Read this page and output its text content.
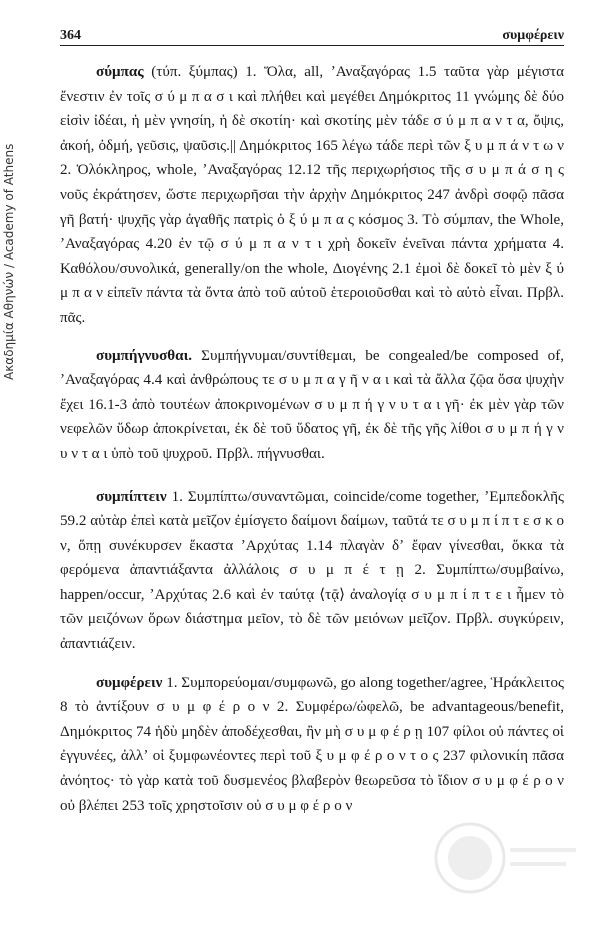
Ακαδημία Αθηνών / Academy of Athens
364	συμφέρειν

σύμπας (τύπ. ξύμπας) 1. Ὅλα, all, ʼΑναξαγόρας 1.5 ταῦτα γὰρ μέγιστα ἔνεστιν ἐν τοῖς σ ύ μ π α σ ι καὶ πλήθει καὶ μεγέθει Δημόκριτος 11 γνώμης δὲ δύο εἰσὶν ἰδέαι, ἡ μὲν γνησίη, ἡ δὲ σκοτίη· καὶ σκοτίης μὲν τάδε σ ύ μ π α ν τ α, ὄψις, ἀκοή, ὀδμή, γεῦσις, ψαῦσις.|| Δημόκριτος 165 λέγω τάδε περὶ τῶν ξ υ μ π ά ν τ ω ν 2. Ὁλόκληρος, whole, ʼΑναξαγόρας 12.12 τῆς περιχωρήσιος τῆς σ υ μ π ά σ η ς νοῦς ἐκράτησεν, ὥστε περιχωρῆσαι τὴν ἀρχὴν Δημόκριτος 247 ἀνδρὶ σοφῷ πᾶσα γῆ βατή· ψυχῆς γὰρ ἀγαθῆς πατρὶς ὁ ξ ύ μ π α ς κόσμος 3. Τὸ σύμπαν, the Whole, ʼΑναξαγόρας 4.20 ἐν τῷ σ ύ μ π α ν τ ι χρὴ δοκεῖν ἐνεῖναι πάντα χρήματα 4. Καθόλου/συνολικά, generally/on the whole, Διογένης 2.1 ἐμοὶ δὲ δοκεῖ τὸ μὲν ξ ύ μ π α ν εἰπεῖν πάντα τὰ ὄντα ἀπὸ τοῦ αὐτοῦ ἑτεροιοῦσθαι καὶ τὸ αὐτὸ εἶναι. Πρβλ. πᾶς.

συμπήγνυσθαι. Συμπήγνυμαι/συντίθεμαι, be congealed/be composed of, ʼΑναξαγόρας 4.4 καὶ ἀνθρώπους τε σ υ μ π α γ ῆ ν α ι καὶ τὰ ἄλλα ζῷα ὅσα ψυχὴν ἔχει 16.1-3 ἀπὸ τουτέων ἀποκρινομένων σ υ μ π ή γ ν υ τ α ι γῆ· ἐκ μὲν γὰρ τῶν νεφελῶν ὕδωρ ἀποκρίνεται, ἐκ δὲ τοῦ ὕδατος γῆ, ἐκ δὲ τῆς γῆς λίθοι σ υ μ π ή γ ν υ ν τ α ι ὑπὸ τοῦ ψυχροῦ. Πρβλ. πήγνυσθαι.

συμπίπτειν 1. Συμπίπτω/συναντῶμαι, coincide/come together, ʼΕμπεδοκλῆς 59.2 αὐτὰρ ἐπεὶ κατὰ μεῖζον ἐμίσγετο δαίμονι δαίμων, ταῦτά τε σ υ μ π ί π τ ε σ κ ο ν, ὅπῃ συνέκυρσεν ἕκαστα ʼΑρχύτας 1.14 πλαγὰν δʼ ἔφαν γίνεσθαι, ὅκκα τὰ φερόμενα ἀπαντιάξαντα ἀλλάλοις σ υ μ π έ τ ῃ 2. Συμπίπτω/συμβαίνω, happen/occur, ʼΑρχύτας 2.6 καὶ ἐν ταύτᾳ ⟨τᾷ⟩ ἀναλογίᾳ σ υ μ π ί π τ ε ι ἦμεν τὸ τῶν μειζόνων ὅρων διάστημα μεῖον, τὸ δὲ τῶν μειόνων μεῖζον. Πρβλ. συγκύρειν, ἀπαντιάζειν.

συμφέρειν 1. Συμπορεύομαι/συμφωνῶ, go along together/agree, Ἡράκλειτος 8 τὸ ἀντίξουν σ υ μ φ έ ρ ο ν 2. Συμφέρω/ὠφελῶ, be advantageous/benefit, Δημόκριτος 74 ἡδὺ μηδὲν ἀποδέχεσθαι, ἢν μὴ σ υ μ φ έ ρ ῃ 107 φίλοι οὐ πάντες οἱ ἐγγυνέες, ἀλλʼ οἱ ξυμφωνέοντες περὶ τοῦ ξ υ μ φ έ ρ ο ν τ ο ς 237 φιλονικίη πᾶσα ἀνόητος· τὸ γὰρ κατὰ τοῦ δυσμενέος βλαβερὸν θεωρεῦσα τὸ ἴδιον σ υ μ φ έ ρ ο ν οὐ βλέπει 253 τοῖς χρηστοῖσιν οὐ σ υ μ φ έ ρ ο ν
